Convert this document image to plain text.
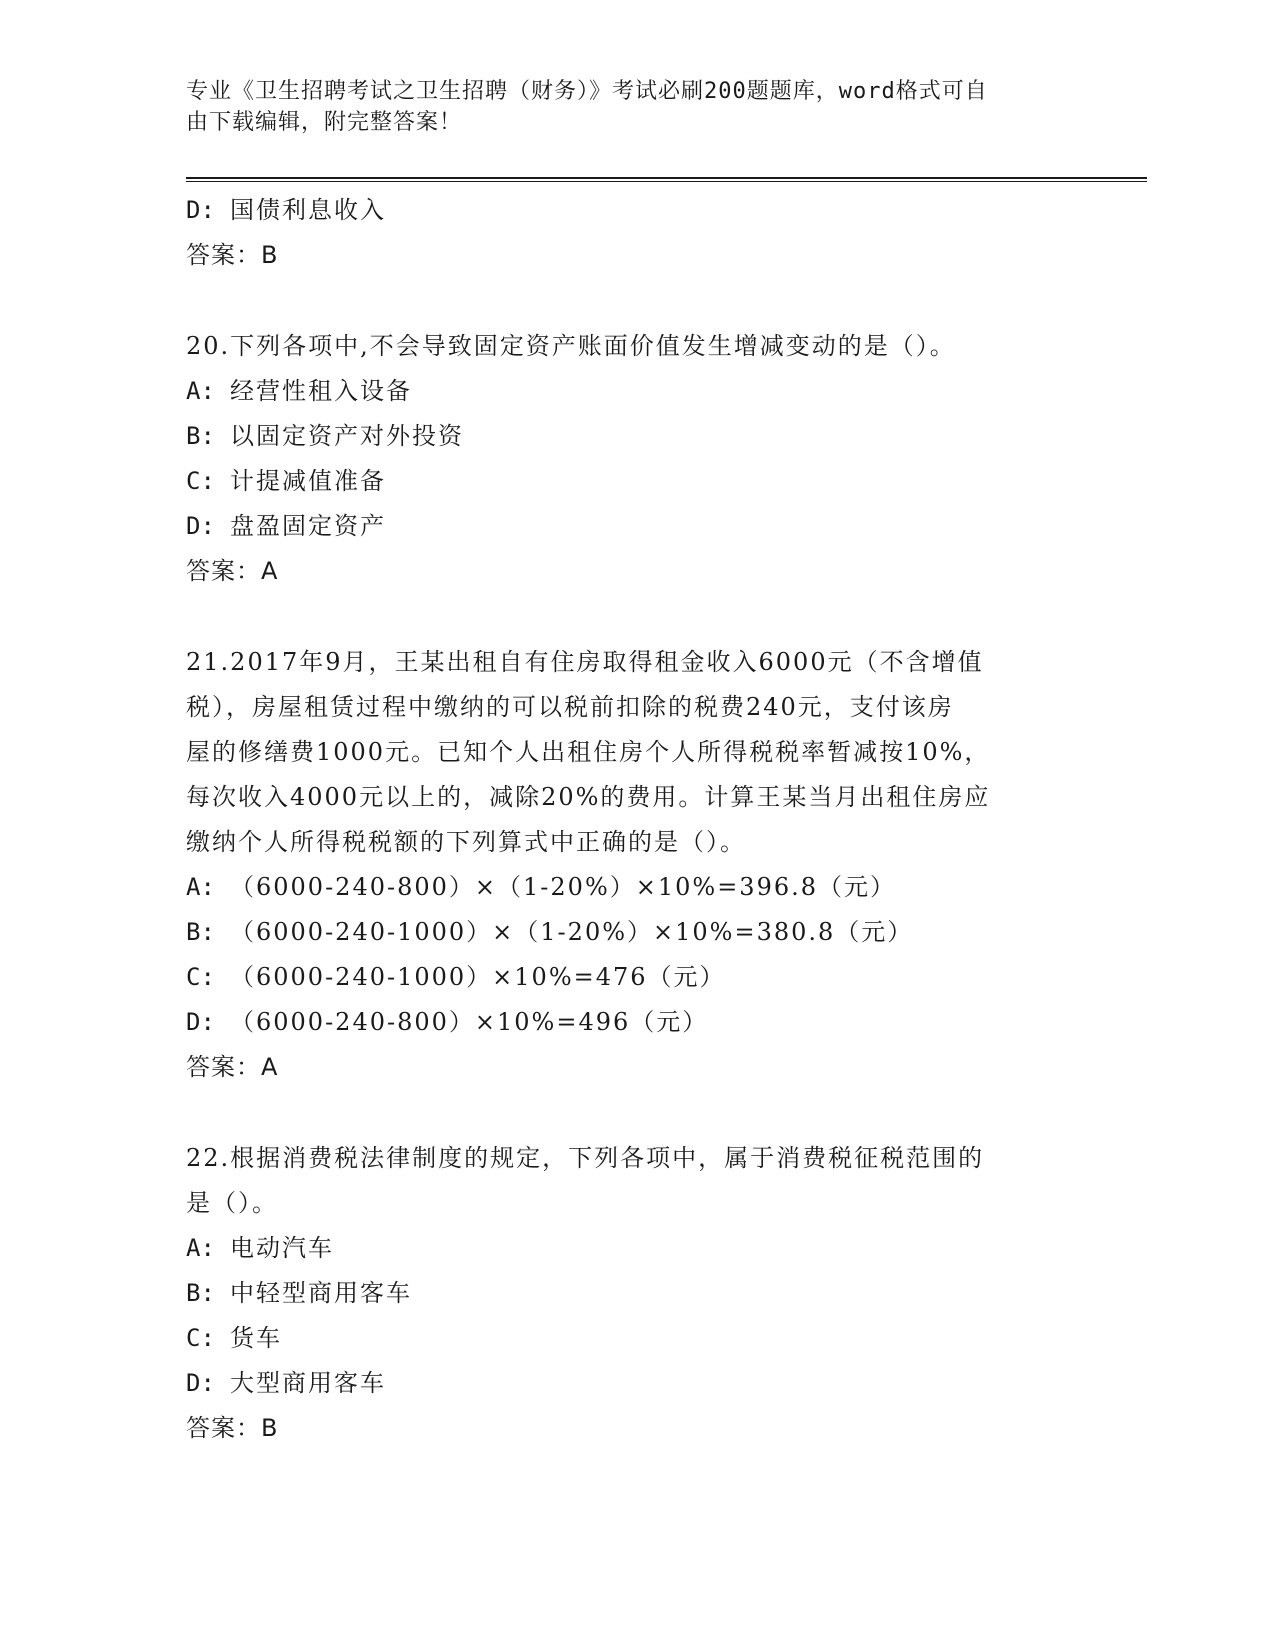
专业《卫生招聘考试之卫生招聘（财务）》考试必刷200题题库，word格式可自
由下载编辑，附完整答案！
D: 国债利息收入
答案：B
20.下列各项中,不会导致固定资产账面价值发生增减变动的是（）。
A: 经营性租入设备
B: 以固定资产对外投资
C: 计提减值准备
D: 盘盈固定资产
答案：A
21.2017年9月，王某出租自有住房取得租金收入6000元（不含增值
税），房屋租赁过程中缴纳的可以税前扣除的税费240元，支付该房
屋的修缮费1000元。已知个人出租住房个人所得税税率暂减按10%，
每次收入4000元以上的，减除20%的费用。计算王某当月出租住房应
缴纳个人所得税税额的下列算式中正确的是（）。
A: （6000-240-800）×（1-20%）×10%=396.8（元）
B: （6000-240-1000）×（1-20%）×10%=380.8（元）
C: （6000-240-1000）×10%=476（元）
D: （6000-240-800）×10%=496（元）
答案：A
22.根据消费税法律制度的规定，下列各项中，属于消费税征税范围的
是（）。
A: 电动汽车
B: 中轻型商用客车
C: 货车
D: 大型商用客车
答案：B
